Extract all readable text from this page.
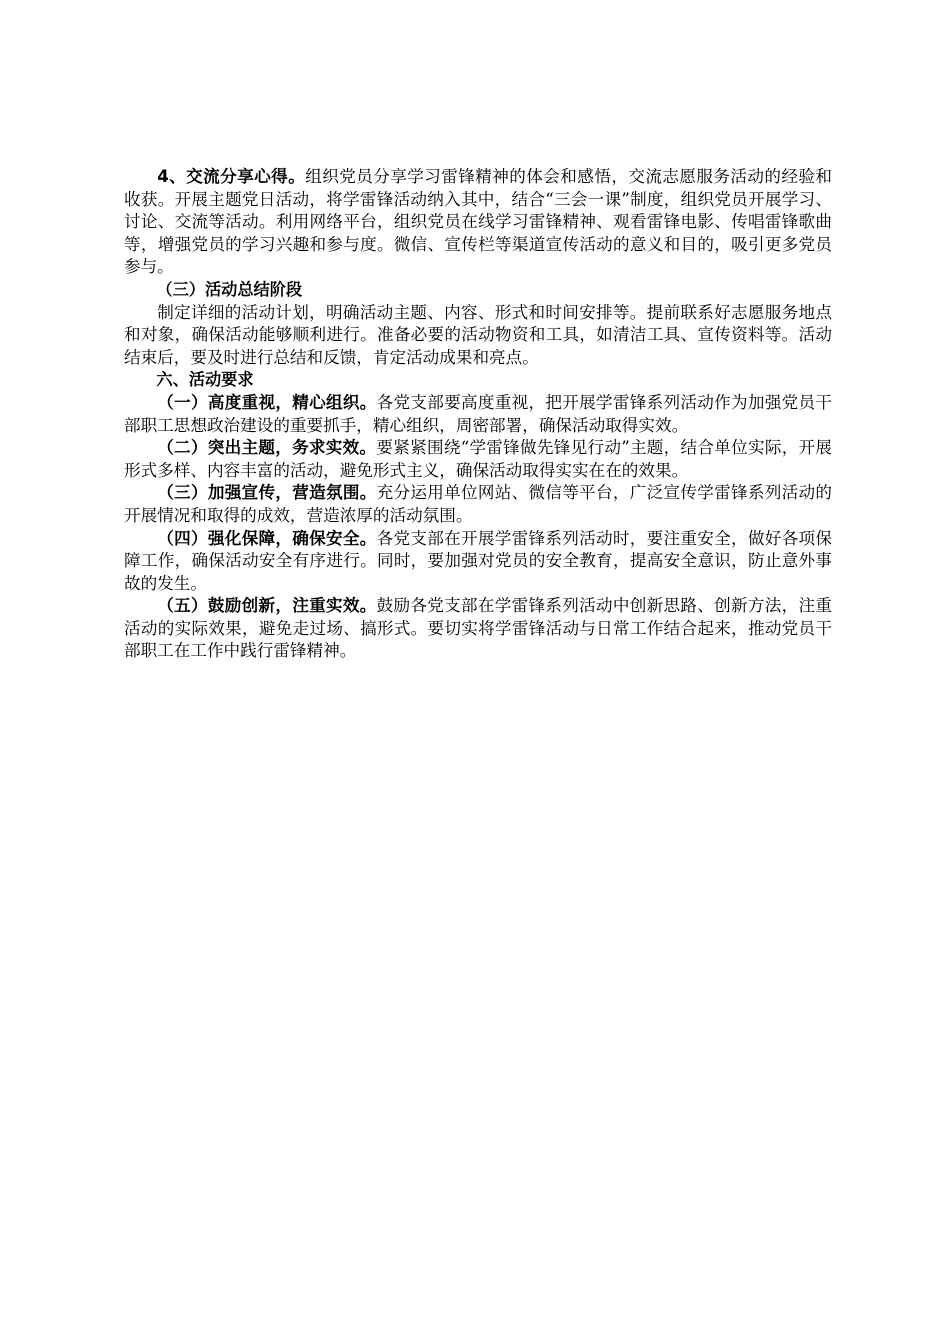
4、交流分享心得。组织党员分享学习雷锋精神的体会和感悟，交流志愿服务活动的经验和收获。开展主题党日活动，将学雷锋活动纳入其中，结合“三会一课”制度，组织党员开展学习、讨论、交流等活动。利用网络平台，组织党员在线学习雷锋精神、观看雷锋电影、传唱雷锋歌曲等，增强党员的学习兴趣和参与度。微信、宣传栏等渠道宣传活动的意义和目的，吸引更多党员参与。

（三）活动总结阶段

制定详细的活动计划，明确活动主题、内容、形式和时间安排等。提前联系好志愿服务地点和对象，确保活动能够顺利进行。准备必要的活动物资和工具，如清洁工具、宣传资料等。活动结束后，要及时进行总结和反馈，肯定活动成果和亮点。

六、活动要求

（一）高度重视，精心组织。各党支部要高度重视，把开展学雷锋系列活动作为加强党员干部职工思想政治建设的重要抓手，精心组织，周密部署，确保活动取得实效。

（二）突出主题，务求实效。要紧紧围绕“学雷锋做先锋见行动”主题，结合单位实际，开展形式多样、内容丰富的活动，避免形式主义，确保活动取得实实在在的效果。

（三）加强宣传，营造氛围。充分运用单位网站、微信等平台，广泛宣传学雷锋系列活动的开展情况和取得的成效，营造浓厚的活动氛围。

（四）强化保障，确保安全。各党支部在开展学雷锋系列活动时，要注重安全，做好各项保障工作，确保活动安全有序进行。同时，要加强对党员的安全教育，提高安全意识，防止意外事故的发生。

（五）鼓励创新，注重实效。鼓励各党支部在学雷锋系列活动中创新思路、创新方法，注重活动的实际效果，避免走过场、搞形式。要切实将学雷锋活动与日常工作结合起来，推动党员干部职工在工作中践行雷锋精神。
